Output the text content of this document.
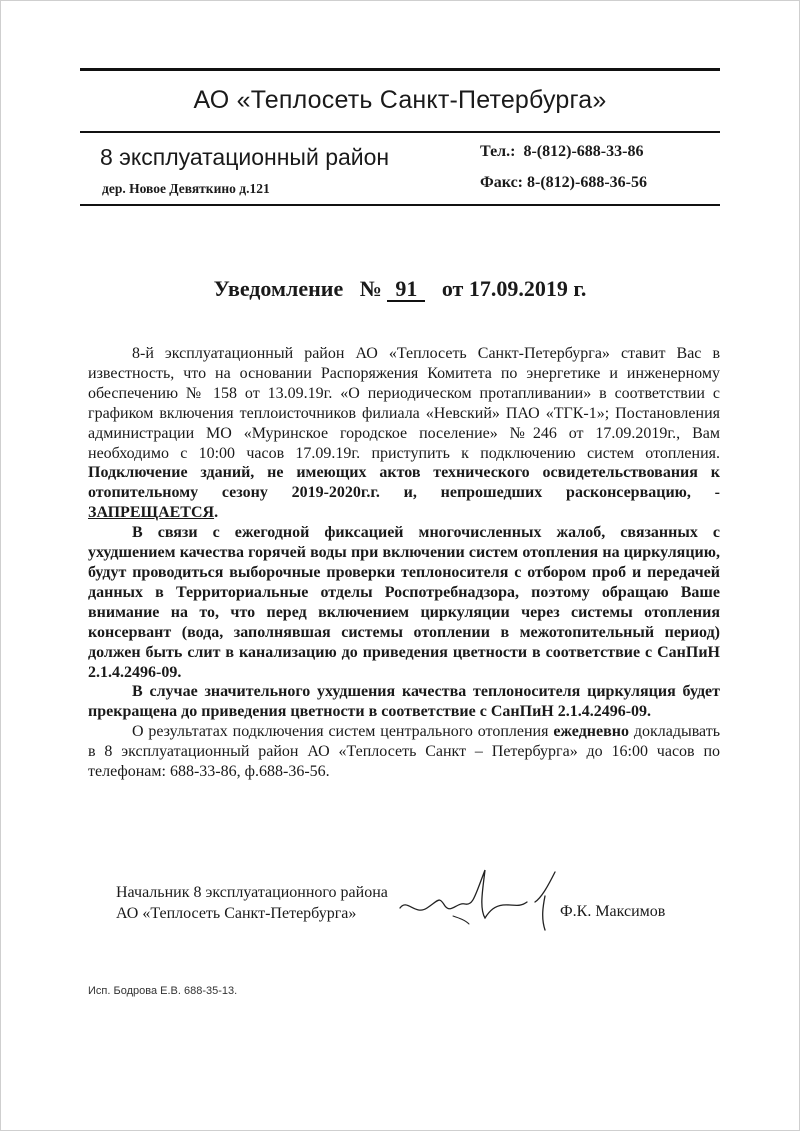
АО «Теплосеть Санкт-Петербурга»
8 эксплуатационный район
дер. Новое Девяткино д.121
Тел.: 8-(812)-688-33-86
Факс: 8-(812)-688-36-56
Уведомление № 91 от 17.09.2019 г.

8-й эксплуатационный район АО «Теплосеть Санкт-Петербурга» ставит Вас в известность, что на основании Распоряжения Комитета по энергетике и инженерному обеспечению № 158 от 13.09.19г. «О периодическом протапливании» в соответствии с графиком включения теплоисточников филиала «Невский» ПАО «ТГК-1»; Постановления администрации МО «Муринское городское поселение» №246 от 17.09.2019г., Вам необходимо с 10:00 часов 17.09.19г. приступить к подключению систем отопления. Подключение зданий, не имеющих актов технического освидетельствования к отопительному сезону 2019-2020г.г. и, непрошедших расконсервацию, - ЗАПРЕЩАЕТСЯ.

В связи с ежегодной фиксацией многочисленных жалоб, связанных с ухудшением качества горячей воды при включении систем отопления на циркуляцию, будут проводиться выборочные проверки теплоносителя с отбором проб и передачей данных в Территориальные отделы Роспотребнадзора, поэтому обращаю Ваше внимание на то, что перед включением циркуляции через системы отопления консервант (вода, заполнявшая системы отоплении в межотопительный период) должен быть слит в канализацию до приведения цветности в соответствие с СанПиН 2.1.4.2496-09.

В случае значительного ухудшения качества теплоносителя циркуляция будет прекращена до приведения цветности в соответствие с СанПиН 2.1.4.2496-09.

О результатах подключения систем центрального отопления ежедневно докладывать в 8 эксплуатационный район АО «Теплосеть Санкт – Петербурга» до 16:00 часов по телефонам: 688-33-86, ф.688-36-56.

Начальник 8 эксплуатационного района
АО «Теплосеть Санкт-Петербурга»	Ф.К. Максимов
Исп. Бодрова Е.В. 688-35-13.
